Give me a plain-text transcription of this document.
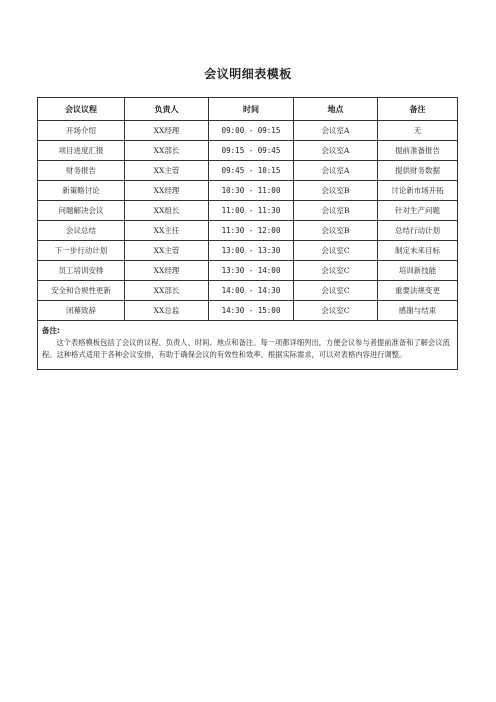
会议明细表模板
会议议程	负责人	时间	地点	备注
开场介绍	XX经理	09:00 - 09:15	会议室A	无
项目进度汇报	XX部长	09:15 - 09:45	会议室A	提前准备报告
财务报告	XX主管	09:45 - 10:15	会议室A	提供财务数据
新策略讨论	XX经理	10:30 - 11:00	会议室B	讨论新市场开拓
问题解决会议	XX组长	11:00 - 11:30	会议室B	针对生产问题
会议总结	XX主任	11:30 - 12:00	会议室B	总结行动计划
下一步行动计划	XX主管	13:00 - 13:30	会议室C	制定未来目标
员工培训安排	XX经理	13:30 - 14:00	会议室C	培训新技能
安全和合规性更新	XX部长	14:00 - 14:30	会议室C	重要法规变更
闭幕致辞	XX总监	14:30 - 15:00	会议室C	感谢与结束

备注:

这个表格模板包括了会议的议程、负责人、时间、地点和备注。每一项都详细列出，方便会议参与者提前准备和了解会议流程。这种格式适用于各种会议安排，有助于确保会议的有效性和效率。根据实际需求，可以对表格内容进行调整。				
